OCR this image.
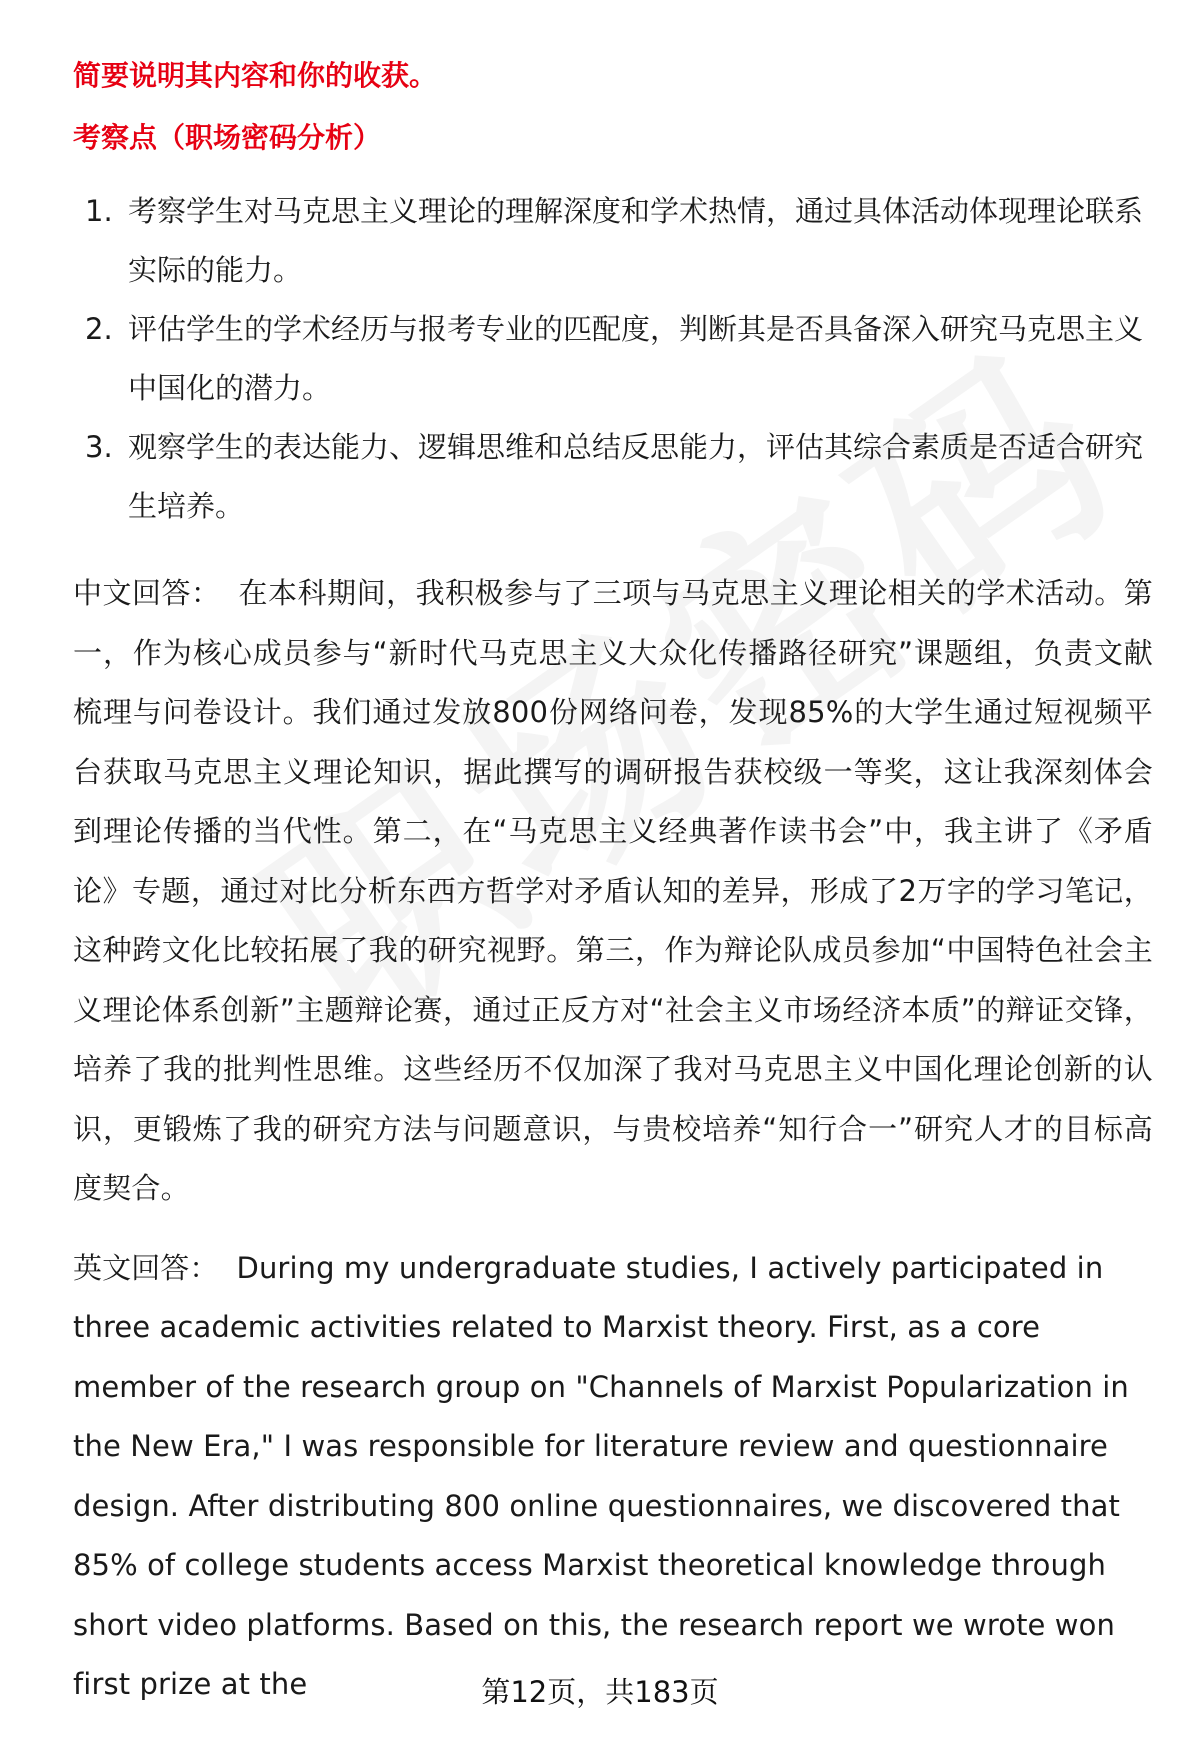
简要说明其内容和你的收获。

考察点（职场密码分析）

1. 考察学生对马克思主义理论的理解深度和学术热情，通过具体活动体现理论联系实际的能力。
2. 评估学生的学术经历与报考专业的匹配度，判断其是否具备深入研究马克思主义中国化的潜力。
3. 观察学生的表达能力、逻辑思维和总结反思能力，评估其综合素质是否适合研究生培养。

中文回答： 在本科期间，我积极参与了三项与马克思主义理论相关的学术活动。第一，作为核心成员参与“新时代马克思主义大众化传播路径研究”课题组，负责文献梳理与问卷设计。我们通过发放800份网络问卷，发现85%的大学生通过短视频平台获取马克思主义理论知识，据此撰写的调研报告获校级一等奖，这让我深刻体会到理论传播的当代性。第二，在“马克思主义经典著作读书会”中，我主讲了《矛盾论》专题，通过对比分析东西方哲学对矛盾认知的差异，形成了2万字的学习笔记，这种跨文化比较拓展了我的研究视野。第三，作为辩论队成员参加“中国特色社会主义理论体系创新”主题辩论赛，通过正反方对“社会主义市场经济本质”的辩证交锋，培养了我的批判性思维。这些经历不仅加深了我对马克思主义中国化理论创新的认识，更锻炼了我的研究方法与问题意识，与贵校培养“知行合一”研究人才的目标高度契合。

英文回答： During my undergraduate studies, I actively participated in three academic activities related to Marxist theory. First, as a core member of the research group on "Channels of Marxist Popularization in the New Era," I was responsible for literature review and questionnaire design. After distributing 800 online questionnaires, we discovered that 85% of college students access Marxist theoretical knowledge through short video platforms. Based on this, the research report we wrote won first prize at the	第12页，共183页
